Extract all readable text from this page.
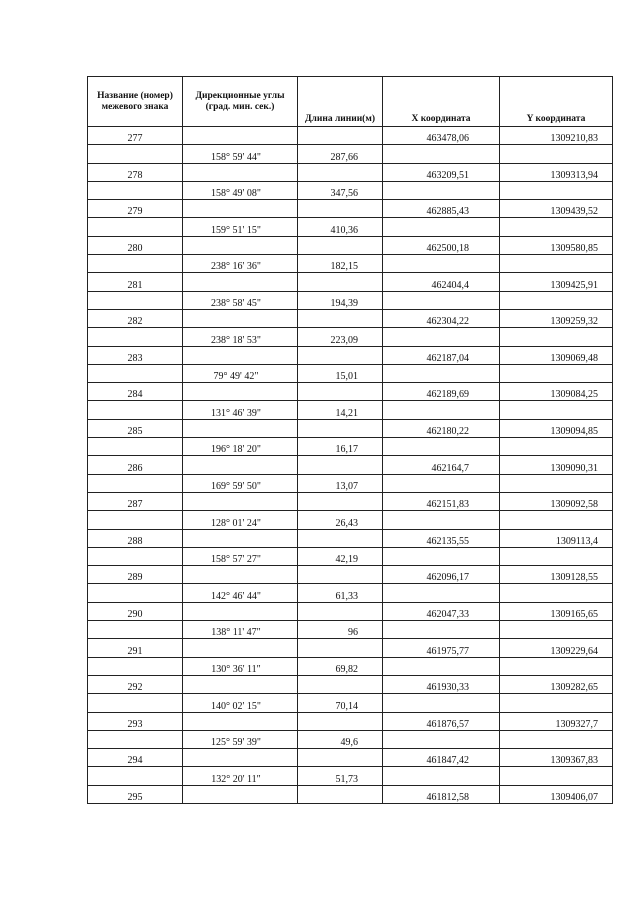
Название (номер) межевого знака	Дирекционные углы (град. мин. сек.)	Длина линии(м)	X координата	Y координата
277			463478,06	1309210,83
	158° 59' 44"	287,66		
278			463209,51	1309313,94
	158° 49' 08"	347,56		
279			462885,43	1309439,52
	159° 51' 15"	410,36		
280			462500,18	1309580,85
	238° 16' 36"	182,15		
281			462404,4	1309425,91
	238° 58' 45"	194,39		
282			462304,22	1309259,32
	238° 18' 53"	223,09		
283			462187,04	1309069,48
	79° 49' 42"	15,01		
284			462189,69	1309084,25
	131° 46' 39"	14,21		
285			462180,22	1309094,85
	196° 18' 20"	16,17		
286			462164,7	1309090,31
	169° 59' 50"	13,07		
287			462151,83	1309092,58
	128° 01' 24"	26,43		
288			462135,55	1309113,4
	158° 57' 27"	42,19		
289			462096,17	1309128,55
	142° 46' 44"	61,33		
290			462047,33	1309165,65
	138° 11' 47"	96		
291			461975,77	1309229,64
	130° 36' 11"	69,82		
292			461930,33	1309282,65
	140° 02' 15"	70,14		
293			461876,57	1309327,7
	125° 59' 39"	49,6		
294			461847,42	1309367,83
	132° 20' 11"	51,73		
295			461812,58	1309406,07
